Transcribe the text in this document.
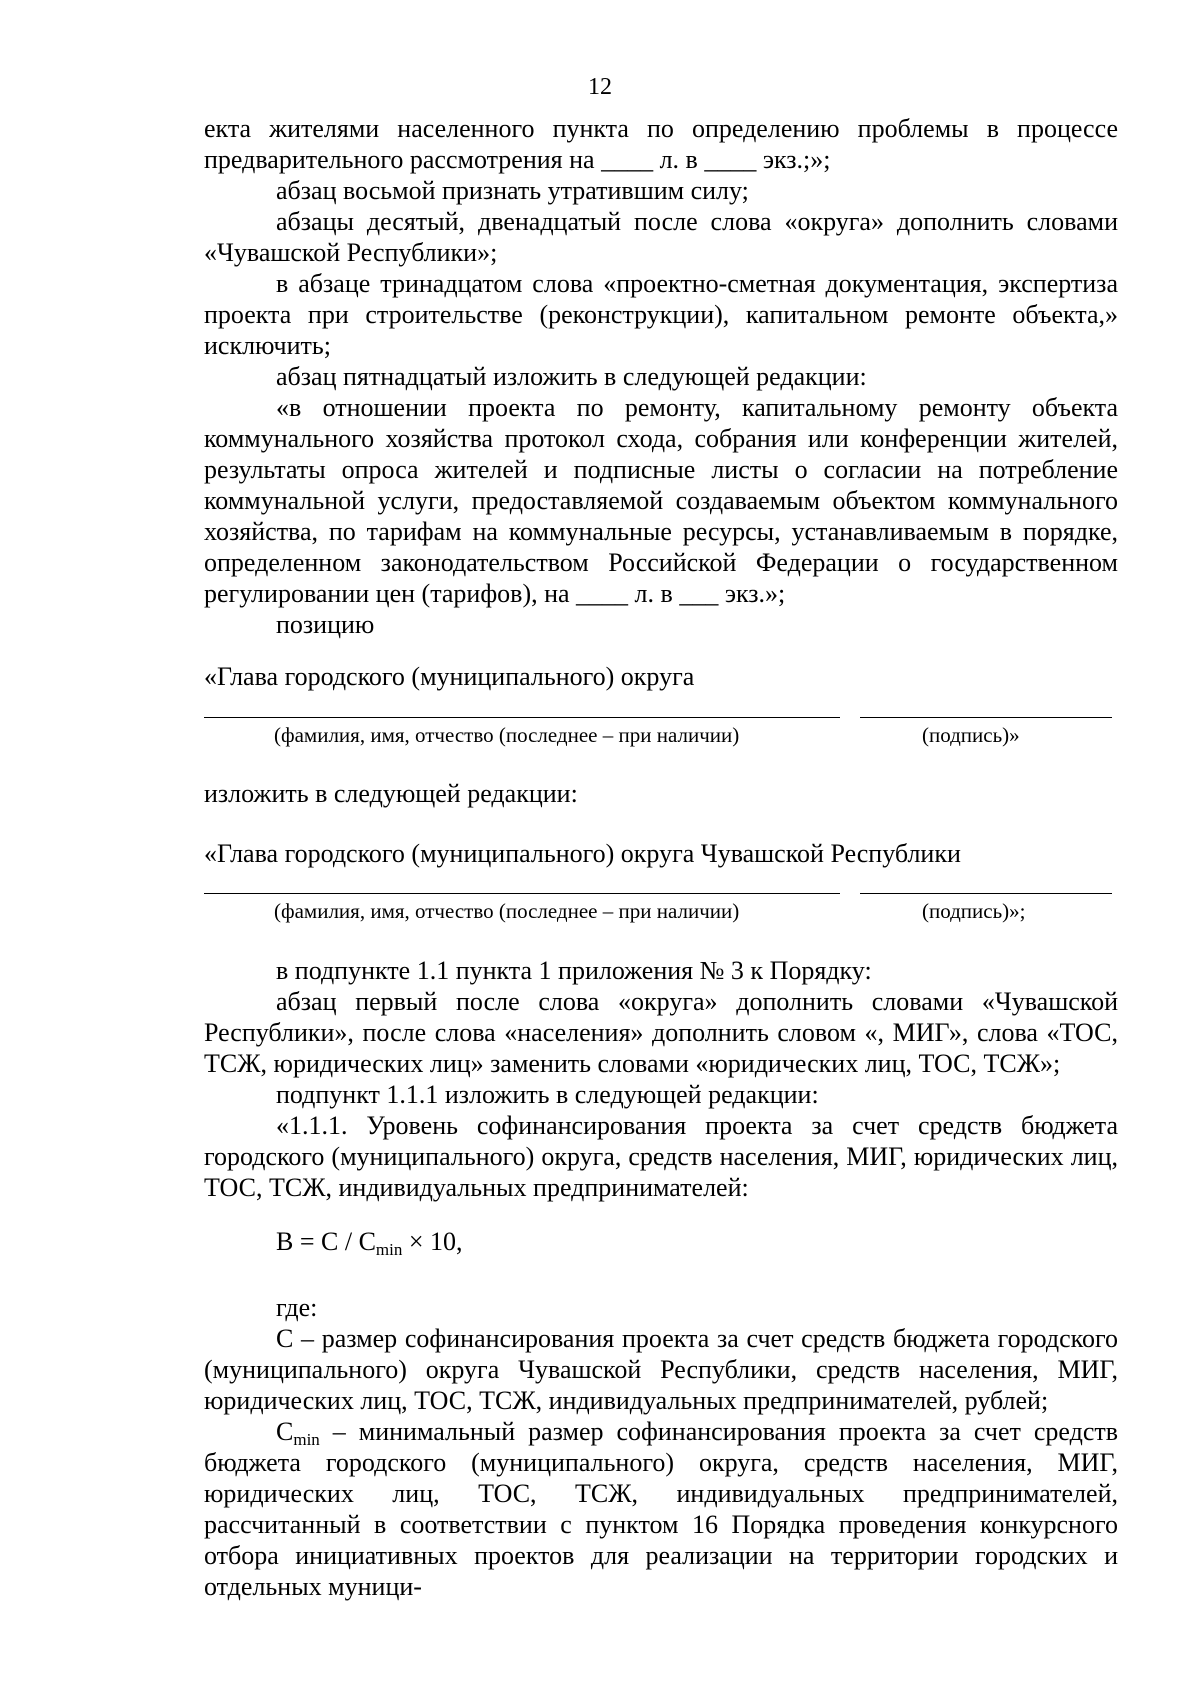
12

екта жителями населенного пункта по определению проблемы в процессе предварительного рассмотрения на ____ л. в ____ экз.;»;

абзац восьмой признать утратившим силу;

абзацы десятый, двенадцатый после слова «округа» дополнить словами «Чувашской Республики»;

в абзаце тринадцатом слова «проектно-сметная документация, экспертиза проекта при строительстве (реконструкции), капитальном ремонте объекта,» исключить;

абзац пятнадцатый изложить в следующей редакции:

«в отношении проекта по ремонту, капитальному ремонту объекта коммунального хозяйства протокол схода, собрания или конференции жителей, результаты опроса жителей и подписные листы о согласии на потребление коммунальной услуги, предоставляемой создаваемым объектом коммунального хозяйства, по тарифам на коммунальные ресурсы, устанавливаемым в порядке, определенном законодательством Российской Федерации о государственном регулировании цен (тарифов), на ____ л. в ___ экз.»;

позицию

«Глава городского (муниципального) округа

(фамилия, имя, отчество (последнее – при наличии)	(подпись)»

изложить в следующей редакции:

«Глава городского (муниципального) округа Чувашской Республики

(фамилия, имя, отчество (последнее – при наличии)	(подпись)»;

в подпункте 1.1 пункта 1 приложения № 3 к Порядку:

абзац первый после слова «округа» дополнить словами «Чувашской Республики», после слова «населения» дополнить словом «, МИГ», слова «ТОС, ТСЖ, юридических лиц» заменить словами «юридических лиц, ТОС, ТСЖ»;

подпункт 1.1.1 изложить в следующей редакции:

«1.1.1. Уровень софинансирования проекта за счет средств бюджета городского (муниципального) округа, средств населения, МИГ, юридических лиц, ТОС, ТСЖ, индивидуальных предпринимателей:

$B = C / C_{min} \times 10$,

где:

С – размер софинансирования проекта за счет средств бюджета городского (муниципального) округа Чувашской Республики, средств населения, МИГ, юридических лиц, ТОС, ТСЖ, индивидуальных предпринимателей, рублей;

$C_{min}$ – минимальный размер софинансирования проекта за счет средств бюджета городского (муниципального) округа, средств населения, МИГ, юридических лиц, ТОС, ТСЖ, индивидуальных предпринимателей, рассчитанный в соответствии с пунктом 16 Порядка проведения конкурсного отбора инициативных проектов для реализации на территории городских и отдельных муници-
